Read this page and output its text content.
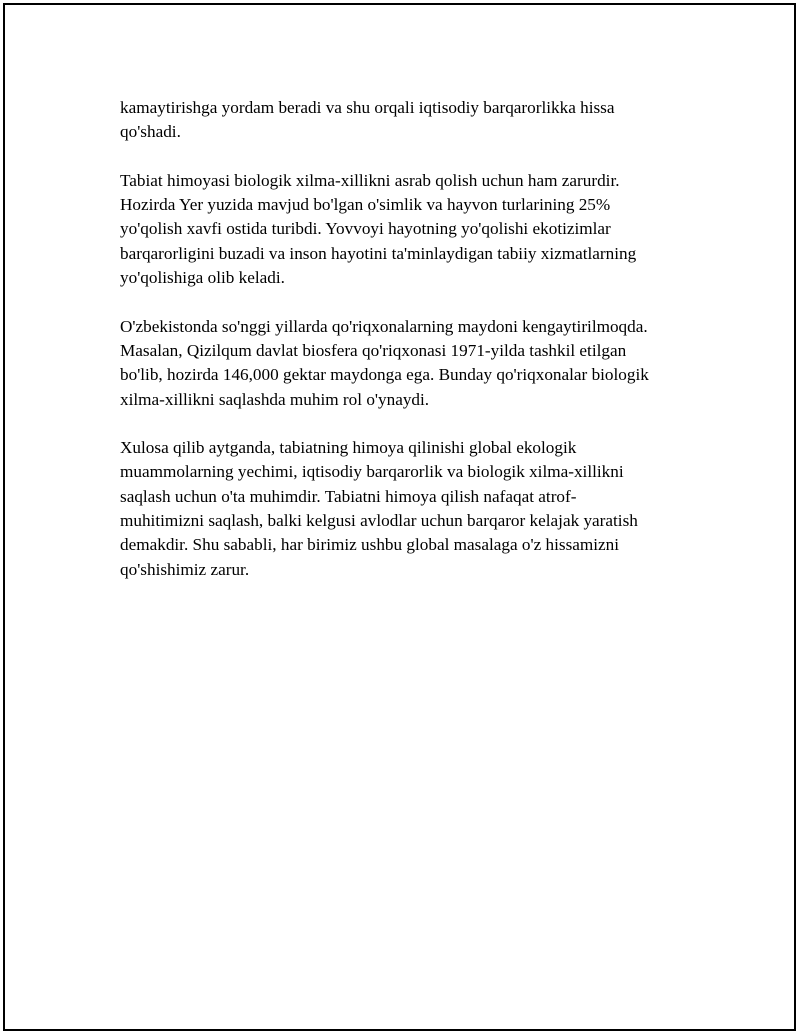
kamaytirishga yordam beradi va shu orqali iqtisodiy barqarorlikka hissa
qo'shadi.

Tabiat himoyasi biologik xilma-xillikni asrab qolish uchun ham zarurdir.
Hozirda Yer yuzida mavjud bo'lgan o'simlik va hayvon turlarining 25%
yo'qolish xavfi ostida turibdi. Yovvoyi hayotning yo'qolishi ekotizimlar
barqarorligini buzadi va inson hayotini ta'minlaydigan tabiiy xizmatlarning
yo'qolishiga olib keladi.

O'zbekistonda so'nggi yillarda qo'riqxonalarning maydoni kengaytirilmoqda.
Masalan, Qizilqum davlat biosfera qo'riqxonasi 1971-yilda tashkil etilgan
bo'lib, hozirda 146,000 gektar maydonga ega. Bunday qo'riqxonalar biologik
xilma-xillikni saqlashda muhim rol o'ynaydi.

Xulosa qilib aytganda, tabiatning himoya qilinishi global ekologik
muammolarning yechimi, iqtisodiy barqarorlik va biologik xilma-xillikni
saqlash uchun o'ta muhimdir. Tabiatni himoya qilish nafaqat atrof-
muhitimizni saqlash, balki kelgusi avlodlar uchun barqaror kelajak yaratish
demakdir. Shu sababli, har birimiz ushbu global masalaga o'z hissamizni
qo'shishimiz zarur.
